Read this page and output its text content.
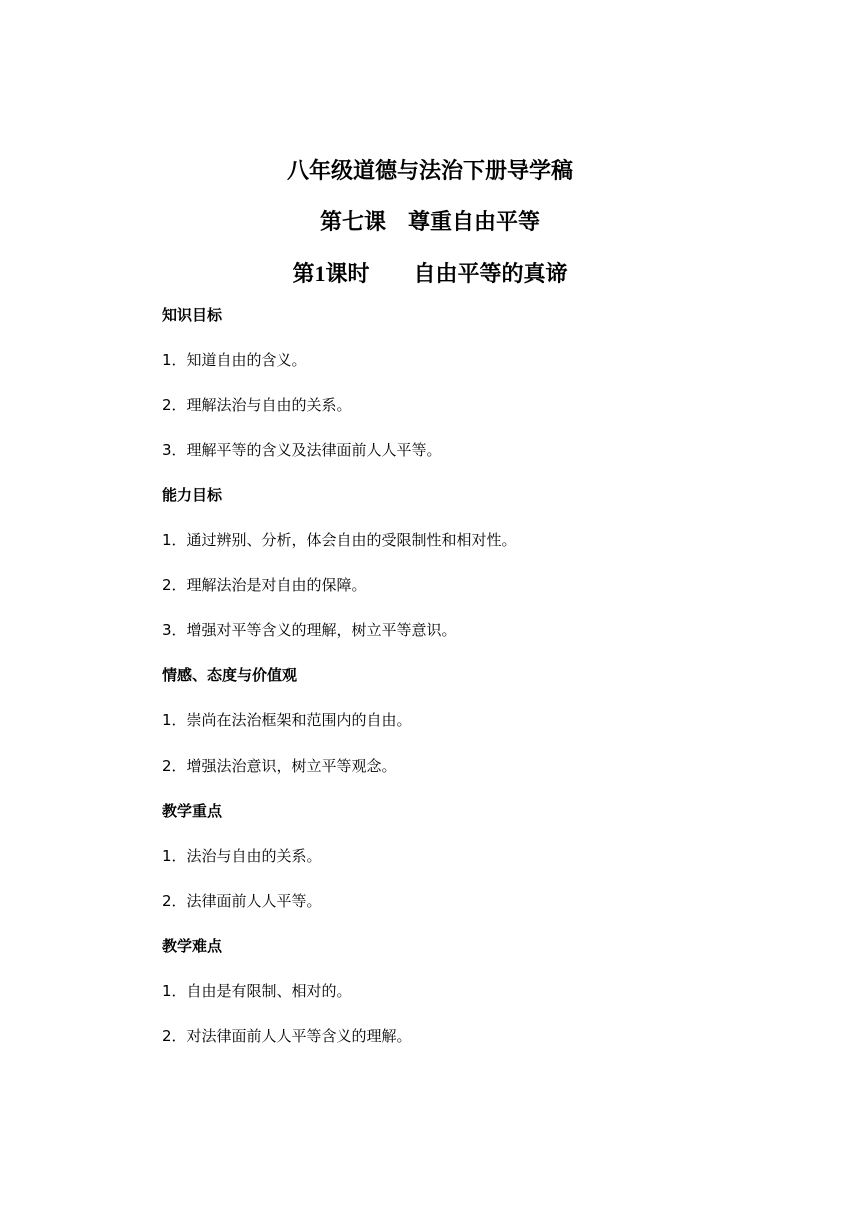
八年级道德与法治下册导学稿
第七课　尊重自由平等
第1课时　　自由平等的真谛
知识目标
1．知道自由的含义。
2．理解法治与自由的关系。
3．理解平等的含义及法律面前人人平等。
能力目标
1．通过辨别、分析，体会自由的受限制性和相对性。
2．理解法治是对自由的保障。
3．增强对平等含义的理解，树立平等意识。
情感、态度与价值观
1．崇尚在法治框架和范围内的自由。
2．增强法治意识，树立平等观念。
教学重点
1．法治与自由的关系。
2．法律面前人人平等。
教学难点
1．自由是有限制、相对的。
2．对法律面前人人平等含义的理解。
